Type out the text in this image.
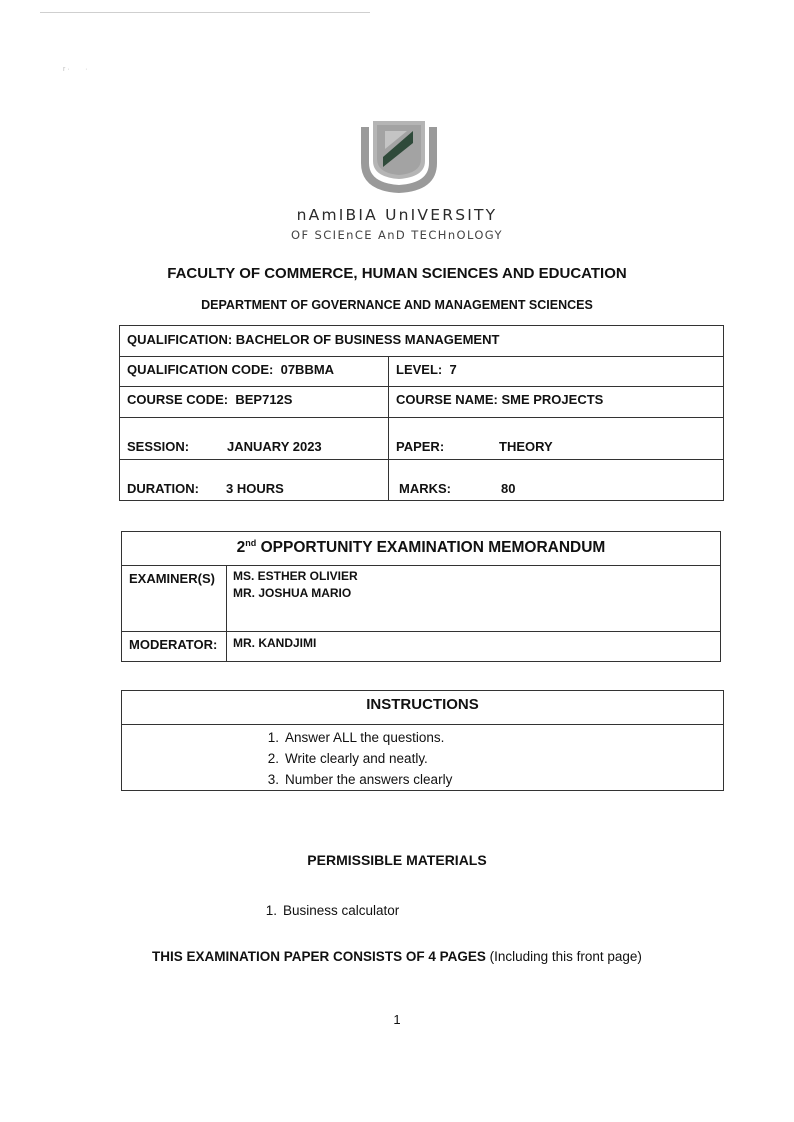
r ·        ·
nAmIBIA UnIVERSITY
OF SCIEnCE AnD TECHnOLOGY
FACULTY OF COMMERCE, HUMAN SCIENCES AND EDUCATION
DEPARTMENT OF GOVERNANCE AND MANAGEMENT SCIENCES
QUALIFICATION: BACHELOR OF BUSINESS MANAGEMENT
QUALIFICATION CODE: 07BBMA	LEVEL: 7
COURSE CODE: BEP712S	COURSE NAME: SME PROJECTS
SESSION:	JANUARY 2023	PAPER:	THEORY
DURATION: 3 HOURS	MARKS:	80
2nd OPPORTUNITY EXAMINATION MEMORANDUM
EXAMINER(S) MS. ESTHER OLIVIER
MR. JOSHUA MARIO
MODERATOR: MR. KANDJIMI
INSTRUCTIONS
1. Answer ALL the questions.
2. Write clearly and neatly.
3. Number the answers clearly
PERMISSIBLE MATERIALS
1. Business calculator
THIS EXAMINATION PAPER CONSISTS OF 4 PAGES (Including this front page)
1
